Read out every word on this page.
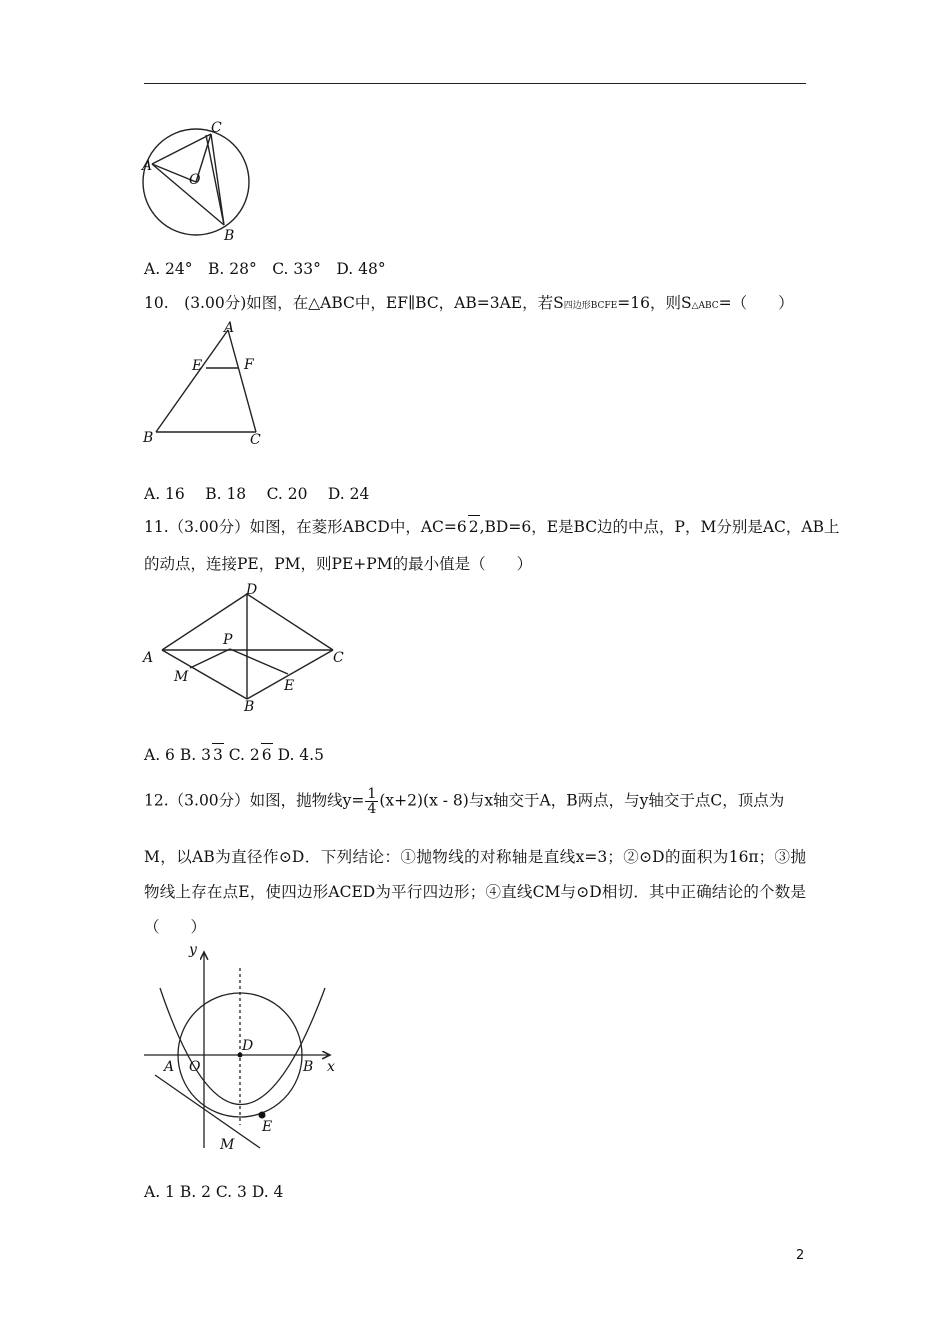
A
C
O
B
A. 24°　B. 28°　C. 33°　D. 48°
10.　(3.00分)如图，在△ABC中，EF∥BC，AB=3AE，若S四边形BCFE=16，则S△ABC=（　　）
A
E	F
B	C
A. 16　 B. 18　 C. 20　 D. 24
11.（3.00分）如图，在菱形ABCD中，AC=6 2,BD=6，E是BC边的中点，P，M分别是AC，AB上
的动点，连接PE，PM，则PE+PM的最小值是（　　）
D
A
P
C
M
E
B
A. 6 B. 3 3 C. 2 6 D. 4.5
12.（3.00分）如图，抛物线$y= \frac{1}{4} (x+2)(x - 8)$与x轴交于A，B两点，与y轴交于点C，顶点为
M，以AB为直径作⊙D．下列结论：①抛物线的对称轴是直线x=3；②⊙D的面积为16π；③抛物线上存在点E，使四边形ACED为平行四边形；④直线CM与⊙D相切．其中正确结论的个数是（　　）
y
D
A O	B x
E
M
A. 1 B. 2 C. 3 D. 4
2
